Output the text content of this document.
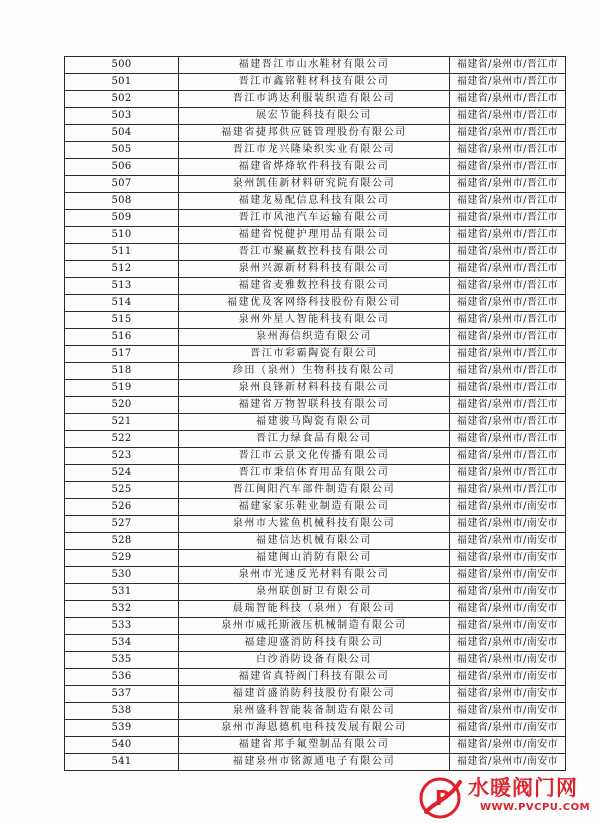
500	福建晋江市山水鞋材有限公司	福建省/泉州市/晋江市
501	晋江市鑫铭鞋材科技有限公司	福建省/泉州市/晋江市
502	晋江市鸿达利服装织造有限公司	福建省/泉州市/晋江市
503	展宏节能科技有限公司	福建省/泉州市/晋江市
504	福建省捷邦供应链管理股份有限公司	福建省/泉州市/晋江市
505	晋江市龙兴隆染织实业有限公司	福建省/泉州市/晋江市
506	福建省烨烽软件科技有限公司	福建省/泉州市/晋江市
507	泉州凯佳新材料研究院有限公司	福建省/泉州市/晋江市
508	福建龙易配信息科技有限公司	福建省/泉州市/晋江市
509	晋江市风池汽车运输有限公司	福建省/泉州市/晋江市
510	福建省悦健护理用品有限公司	福建省/泉州市/晋江市
511	晋江市聚赢数控科技有限公司	福建省/泉州市/晋江市
512	泉州兴源新材料科技有限公司	福建省/泉州市/晋江市
513	福建省麦雅数控科技有限公司	福建省/泉州市/晋江市
514	福建优及客网络科技股份有限公司	福建省/泉州市/晋江市
515	泉州外星人智能科技有限公司	福建省/泉州市/晋江市
516	泉州海信织造有限公司	福建省/泉州市/晋江市
517	晋江市彩霸陶瓷有限公司	福建省/泉州市/晋江市
518	珍田（泉州）生物科技有限公司	福建省/泉州市/晋江市
519	泉州良锋新材料科技有限公司	福建省/泉州市/晋江市
520	福建省万物智联科技有限公司	福建省/泉州市/晋江市
521	福建骏马陶瓷有限公司	福建省/泉州市/晋江市
522	晋江力绿食品有限公司	福建省/泉州市/晋江市
523	晋江市云景文化传播有限公司	福建省/泉州市/晋江市
524	晋江市秉信体育用品有限公司	福建省/泉州市/晋江市
525	晋江闽阳汽车部件制造有限公司	福建省/泉州市/晋江市
526	福建家家乐鞋业制造有限公司	福建省/泉州市/南安市
527	泉州市大鲨鱼机械科技有限公司	福建省/泉州市/南安市
528	福建信达机械有限公司	福建省/泉州市/南安市
529	福建闽山消防有限公司	福建省/泉州市/南安市
530	泉州市光速反光材料有限公司	福建省/泉州市/南安市
531	泉州联创厨卫有限公司	福建省/泉州市/南安市
532	晨瑞智能科技（泉州）有限公司	福建省/泉州市/南安市
533	泉州市威托斯液压机械制造有限公司	福建省/泉州市/南安市
534	福建迎盛消防科技有限公司	福建省/泉州市/南安市
535	白沙消防设备有限公司	福建省/泉州市/南安市
536	福建省真特阀门科技有限公司	福建省/泉州市/南安市
537	福建首盛消防科技股份有限公司	福建省/泉州市/南安市
538	泉州盛科智能装备制造有限公司	福建省/泉州市/南安市
539	泉州市海恩德机电科技发展有限公司	福建省/泉州市/南安市
540	福建省邦手氟塑制品有限公司	福建省/泉州市/南安市
541	福建泉州市铭源通电子有限公司	福建省/泉州市/南安市
P 水暖阀门网
WWW.PVCPU.COM
